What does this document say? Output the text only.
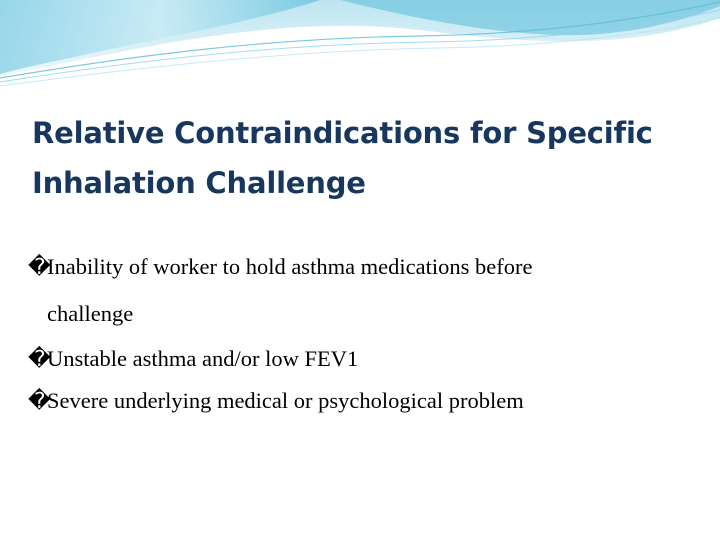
Relative Contraindications for Specific
Inhalation Challenge
�Inability of worker to hold asthma medications before
challenge
�Unstable asthma and/or low FEV1
�Severe underlying medical or psychological problem
